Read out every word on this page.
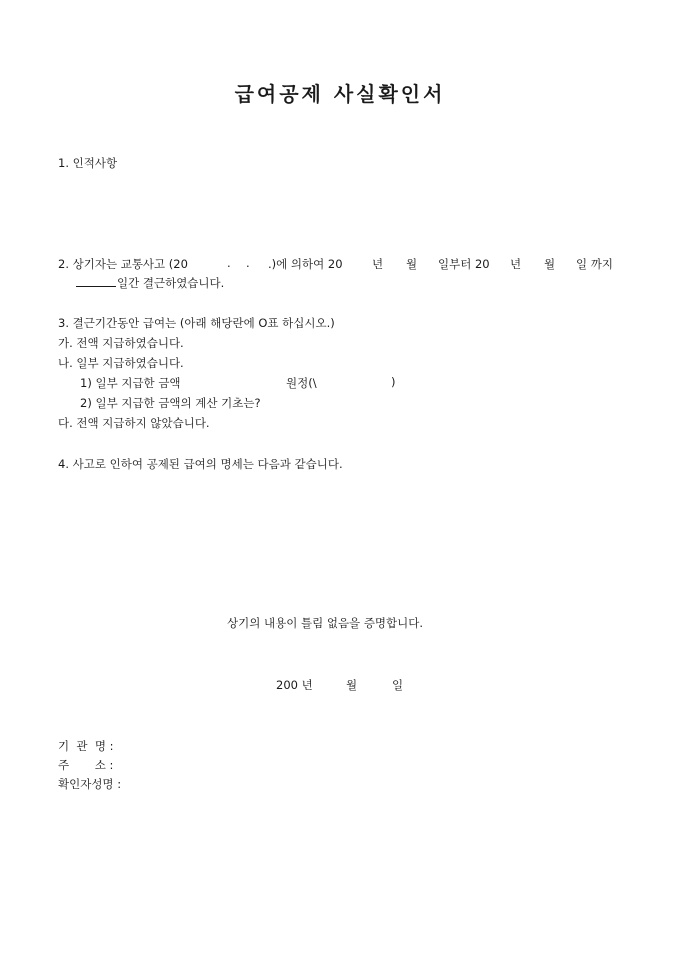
급여공제 사실확인서
1. 인적사항
2. 상기자는 교통사고 (20	. . .)에 의하여 20	년 월 일부터 20 년 월 일 까지
일간 결근하였습니다.
3. 결근기간동안 급여는 (아래 해당란에 O표 하십시오.)
가. 전액 지급하였습니다.
나. 일부 지급하였습니다.
1) 일부 지급한 금액	원정(\	)
2) 일부 지급한 금액의 계산 기초는?
다. 전액 지급하지 않았습니다.
4. 사고로 인하여 공제된 급여의 명세는 다음과 같습니다.
상기의 내용이 틀림 없음을 증명합니다.
200 년	월	일
기  관  명 :
주       소 :
확인자성명 :
